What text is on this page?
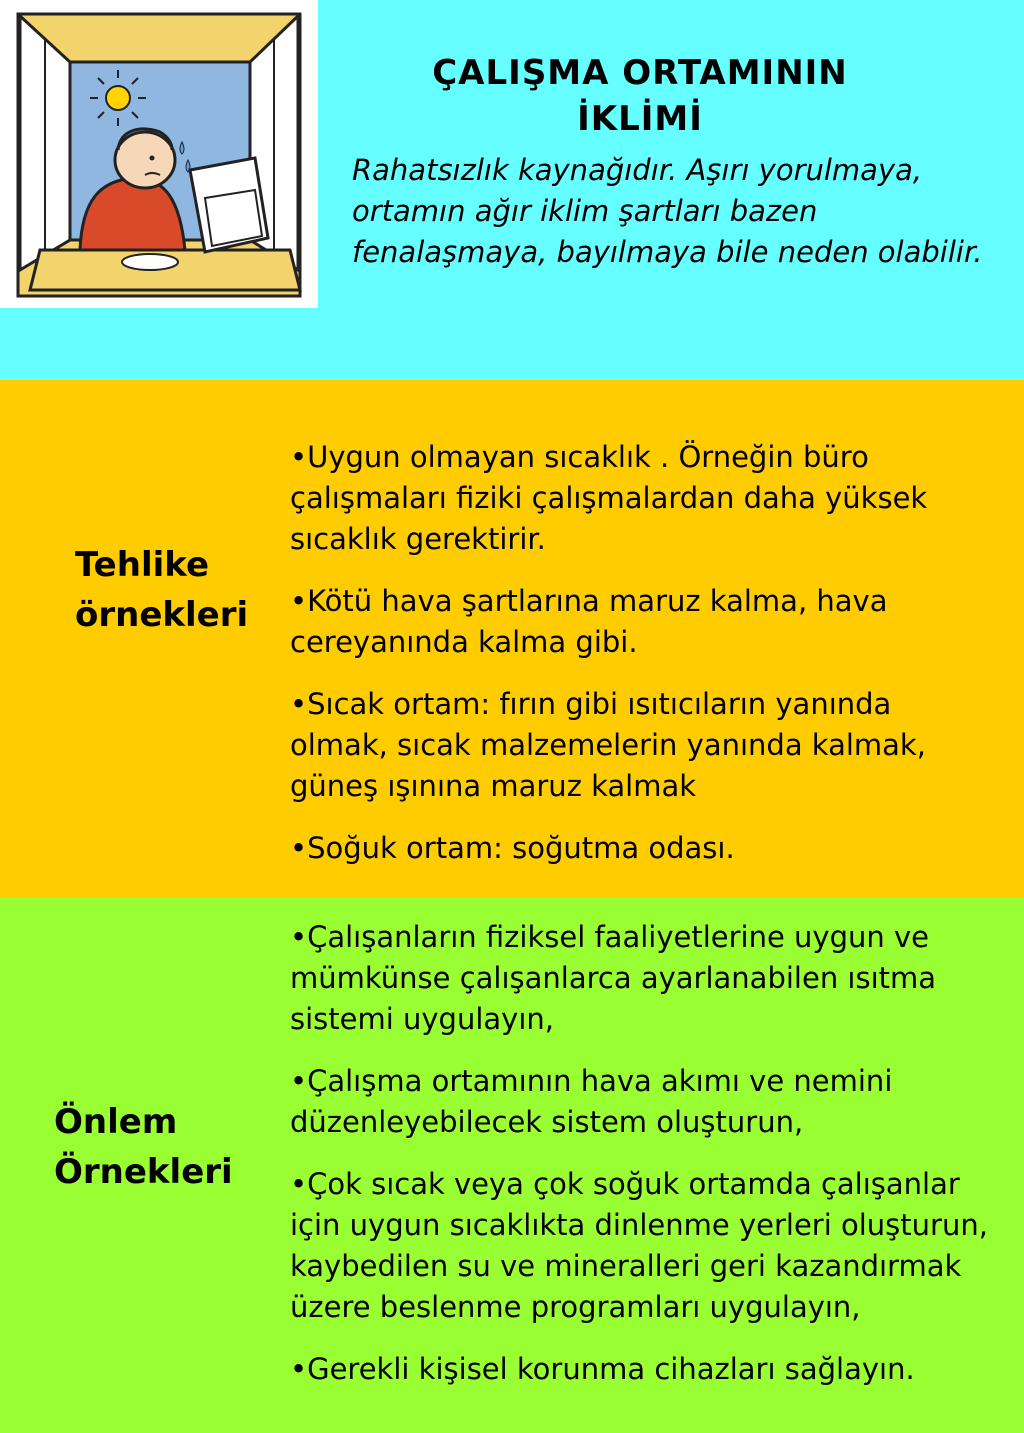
ÇALIŞMA ORTAMININ
İKLİMİ
Rahatsızlık kaynağıdır. Aşırı yorulmaya, ortamın ağır iklim şartları bazen fenalaşmaya, bayılmaya bile neden olabilir.
Tehlike
örnekleri
•Uygun olmayan sıcaklık . Örneğin büro çalışmaları fiziki çalışmalardan daha yüksek sıcaklık gerektirir.
•Kötü hava şartlarına maruz kalma, hava cereyanında kalma gibi.
•Sıcak ortam: fırın gibi ısıtıcıların yanında olmak, sıcak malzemelerin yanında kalmak, güneş ışınına maruz kalmak
•Soğuk ortam: soğutma odası.
Önlem
Örnekleri
•Çalışanların fiziksel faaliyetlerine uygun ve mümkünse çalışanlarca ayarlanabilen ısıtma sistemi uygulayın,
•Çalışma ortamının hava akımı ve nemini düzenleyebilecek sistem oluşturun,
•Çok sıcak veya çok soğuk ortamda çalışanlar için uygun sıcaklıkta dinlenme yerleri oluşturun, kaybedilen su ve mineralleri geri kazandırmak üzere beslenme programları uygulayın,
•Gerekli kişisel korunma cihazları sağlayın.
